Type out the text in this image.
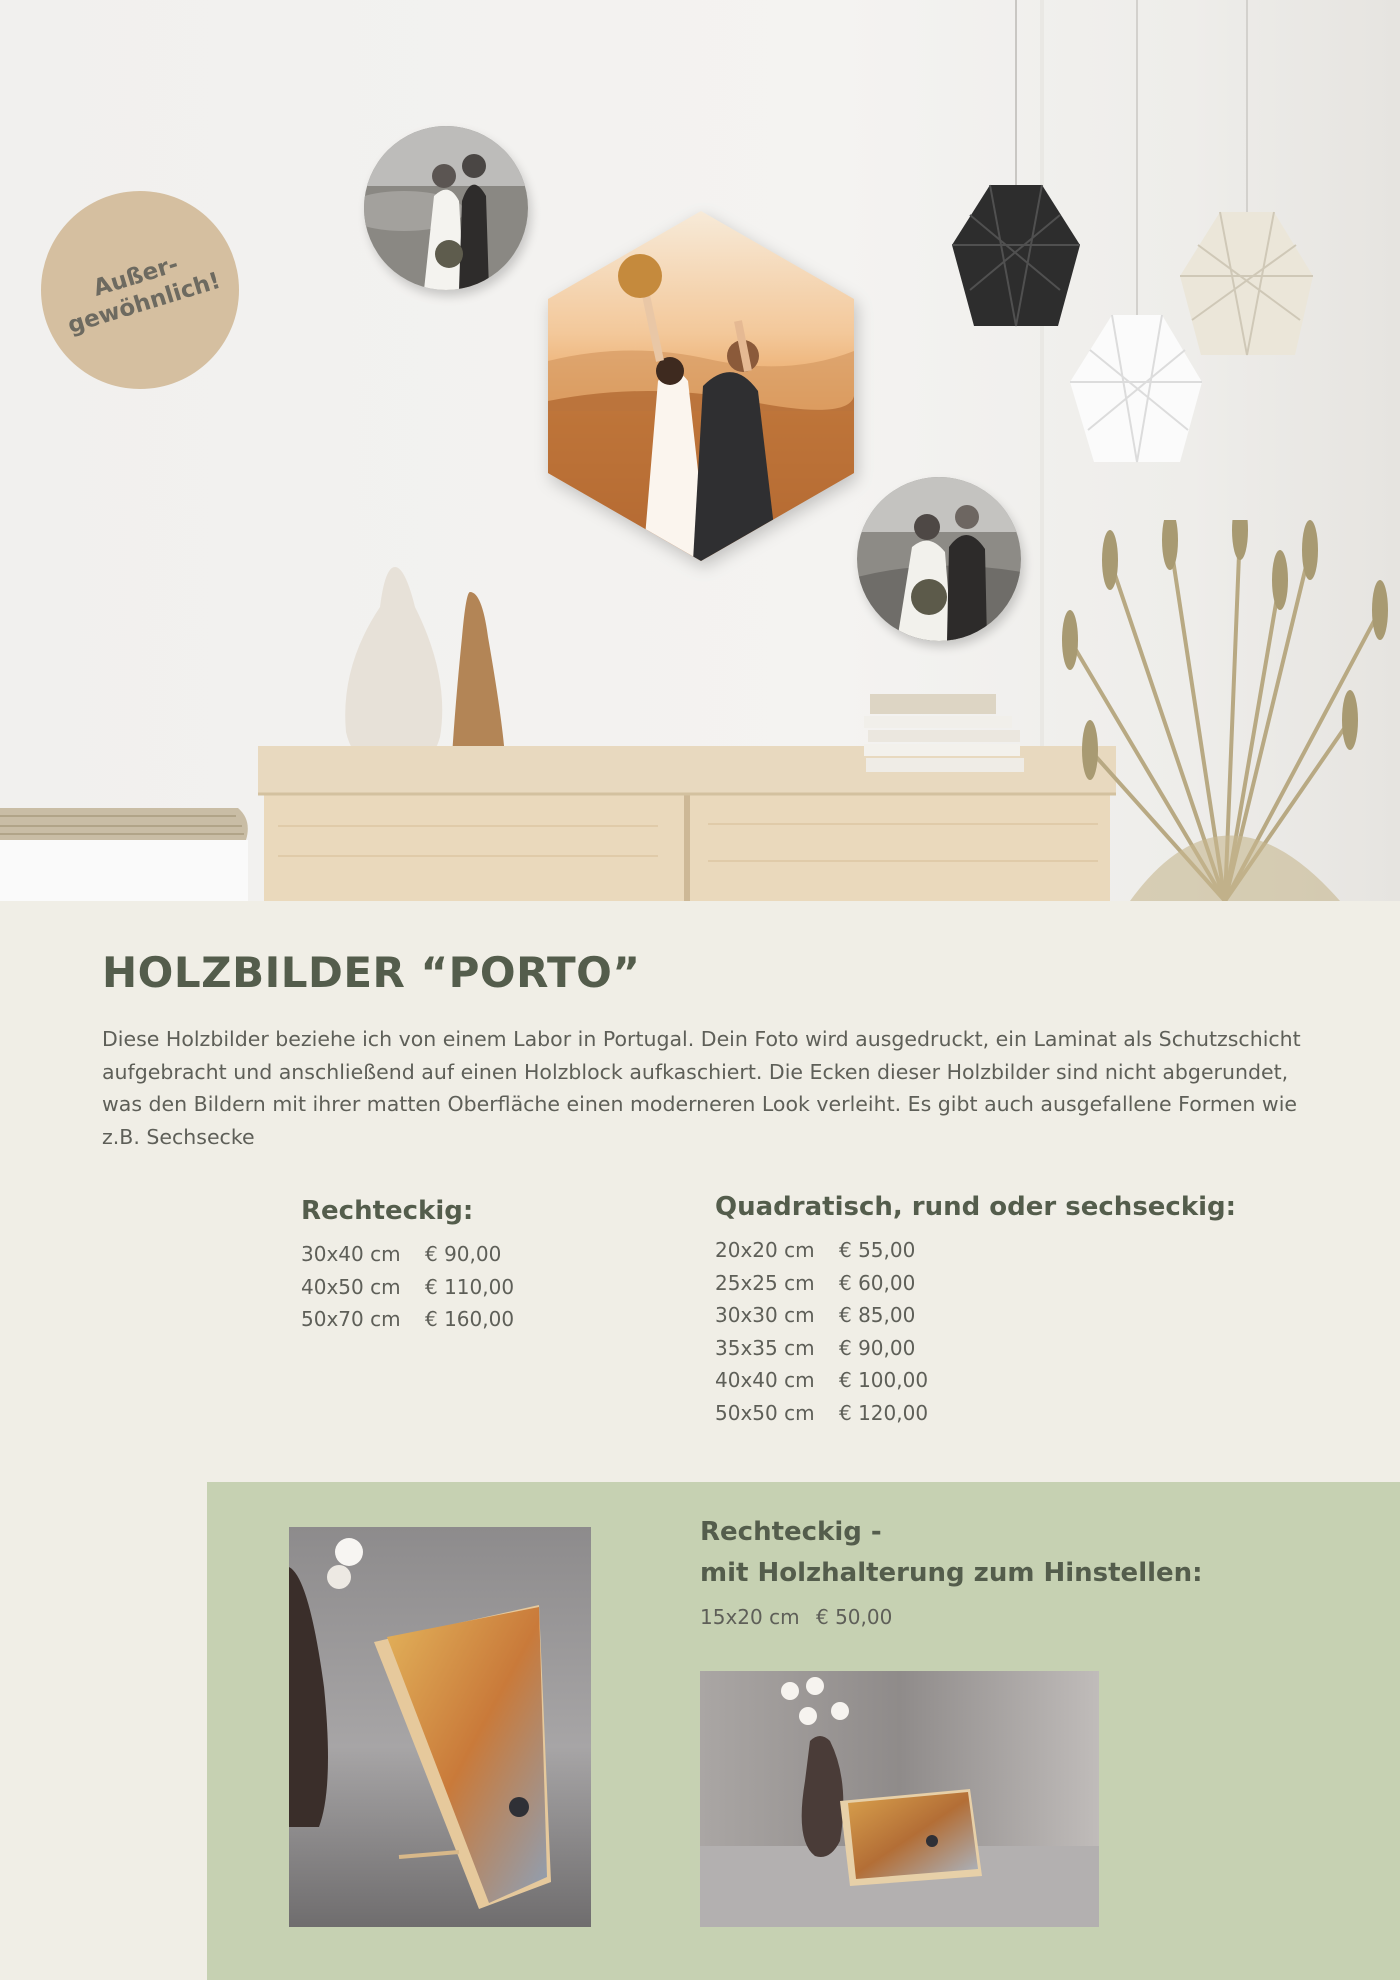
Außer-
gewöhnlich!
HOLZBILDER “PORTO”

Diese Holzbilder beziehe ich von einem Labor in Portugal. Dein Foto wird ausgedruckt, ein Laminat als Schutzschicht aufgebracht und anschließend auf einen Holzblock aufkaschiert. Die Ecken dieser Holzbilder sind nicht abgerundet, was den Bildern mit ihrer matten Oberfläche einen moderneren Look verleiht. Es gibt auch ausgefallene Formen wie z.B. Sechsecke

Rechteckig:
30x40 cm € 90,00
40x50 cm € 110,00
50x70 cm € 160,00
Quadratisch, rund oder sechseckig:
20x20 cm € 55,00
25x25 cm € 60,00
30x30 cm € 85,00
35x35 cm € 90,00
40x40 cm € 100,00
50x50 cm € 120,00
Rechteckig -
mit Holzhalterung zum Hinstellen:
15x20 cm € 50,00
